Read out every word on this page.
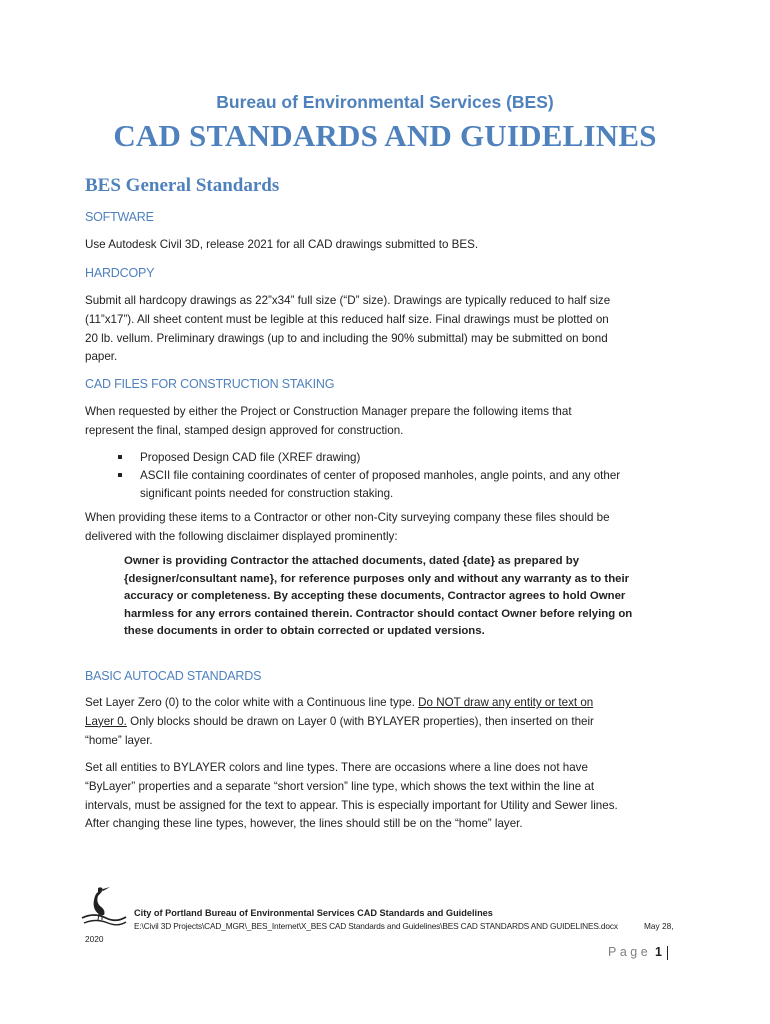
Bureau of Environmental Services (BES)
CAD STANDARDS AND GUIDELINES
BES General Standards
SOFTWARE
Use Autodesk Civil 3D, release 2021 for all CAD drawings submitted to BES.
HARDCOPY
Submit all hardcopy drawings as 22”x34” full size (“D” size). Drawings are typically reduced to half size
(11”x17”). All sheet content must be legible at this reduced half size. Final drawings must be plotted on
20 lb. vellum. Preliminary drawings (up to and including the 90% submittal) may be submitted on bond
paper.
CAD FILES FOR CONSTRUCTION STAKING
When requested by either the Project or Construction Manager prepare the following items that
represent the final, stamped design approved for construction.
Proposed Design CAD file (XREF drawing)
ASCII file containing coordinates of center of proposed manholes, angle points, and any other
significant points needed for construction staking.
When providing these items to a Contractor or other non-City surveying company these files should be
delivered with the following disclaimer displayed prominently:
Owner is providing Contractor the attached documents, dated {date} as prepared by
{designer/consultant name}, for reference purposes only and without any warranty as to their
accuracy or completeness. By accepting these documents, Contractor agrees to hold Owner
harmless for any errors contained therein. Contractor should contact Owner before relying on
these documents in order to obtain corrected or updated versions.
BASIC AUTOCAD STANDARDS
Set Layer Zero (0) to the color white with a Continuous line type. Do NOT draw any entity or text on
Layer 0. Only blocks should be drawn on Layer 0 (with BYLAYER properties), then inserted on their
“home” layer.
Set all entities to BYLAYER colors and line types. There are occasions where a line does not have
“ByLayer” properties and a separate “short version” line type, which shows the text within the line at
intervals, must be assigned for the text to appear. This is especially important for Utility and Sewer lines.
After changing these line types, however, the lines should still be on the “home” layer.
City of Portland Bureau of Environmental Services CAD Standards and Guidelines
E:\Civil 3D Projects\CAD_MGR\_BES_Internet\X_BES CAD Standards and Guidelines\BES CAD STANDARDS AND GUIDELINES.docx	May 28,
2020
Page 1
